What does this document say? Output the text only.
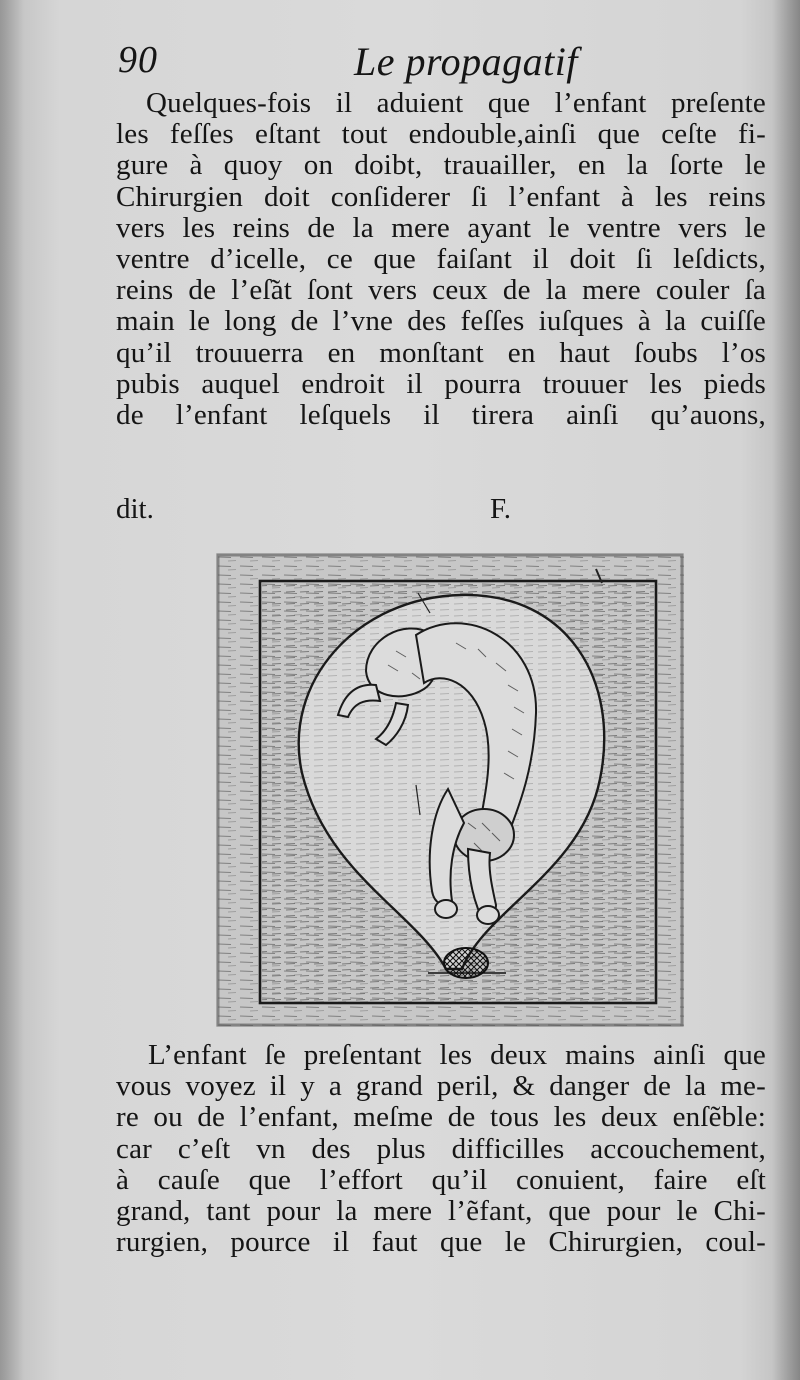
90	Le propagatif
Quelques-fois il aduient que l’enfant preſente
les feſſes eſtant tout endouble,ainſi que ceſte fi-
gure à quoy on doibt, trauailler, en la ſorte le
Chirurgien doit conſiderer ſi l’enfant à les reins
vers les reins de la mere ayant le ventre vers le
ventre d’icelle, ce que faiſant il doit ſi leſdicts,
reins de l’eſ̃at ſont vers ceux de la mere couler ſa
main le long de l’vne des feſſes iuſques à la cuiſſe
qu’il trouuerra en monſtant en haut ſoubs l’os
pubis auquel endroit il pourra trouuer les pieds
de l’enfant leſquels il tirera ainſi qu’auons,
dit.	F.
L’enfant ſe preſentant les deux mains ainſi que
vous voyez il y a grand peril, & danger de la me-
re ou de l’enfant, meſme de tous les deux enſẽble:
car c’eſt vn des plus difficilles accouchement,
à cauſe que l’effort qu’il conuient, faire eſt
grand, tant pour la mere l’ẽfant, que pour le Chi-
rurgien, pource il faut que le Chirurgien, coul-
